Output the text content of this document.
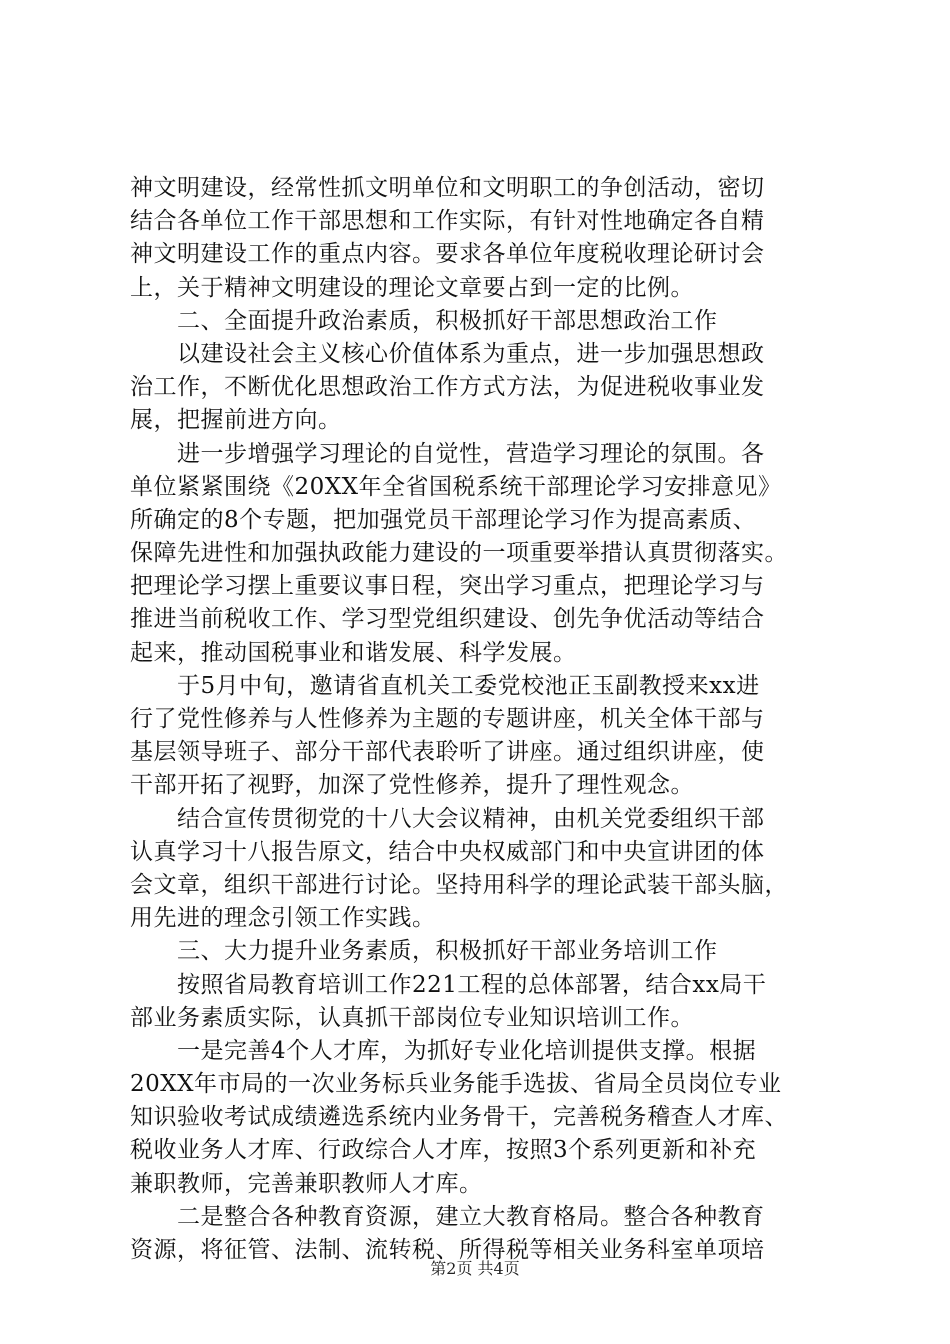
神文明建设，经常性抓文明单位和文明职工的争创活动，密切
结合各单位工作干部思想和工作实际，有针对性地确定各自精
神文明建设工作的重点内容。要求各单位年度税收理论研讨会
上，关于精神文明建设的理论文章要占到一定的比例。
　　二、全面提升政治素质，积极抓好干部思想政治工作
　　以建设社会主义核心价值体系为重点，进一步加强思想政
治工作，不断优化思想政治工作方式方法，为促进税收事业发
展，把握前进方向。
　　进一步增强学习理论的自觉性，营造学习理论的氛围。各
单位紧紧围绕《20XX年全省国税系统干部理论学习安排意见》
所确定的8个专题，把加强党员干部理论学习作为提高素质、
保障先进性和加强执政能力建设的一项重要举措认真贯彻落实。
把理论学习摆上重要议事日程，突出学习重点，把理论学习与
推进当前税收工作、学习型党组织建设、创先争优活动等结合
起来，推动国税事业和谐发展、科学发展。
　　于5月中旬，邀请省直机关工委党校池正玉副教授来xx进
行了党性修养与人性修养为主题的专题讲座，机关全体干部与
基层领导班子、部分干部代表聆听了讲座。通过组织讲座，使
干部开拓了视野，加深了党性修养，提升了理性观念。
　　结合宣传贯彻党的十八大会议精神，由机关党委组织干部
认真学习十八报告原文，结合中央权威部门和中央宣讲团的体
会文章，组织干部进行讨论。坚持用科学的理论武装干部头脑，
用先进的理念引领工作实践。
　　三、大力提升业务素质，积极抓好干部业务培训工作
　　按照省局教育培训工作221工程的总体部署，结合xx局干
部业务素质实际，认真抓干部岗位专业知识培训工作。
　　一是完善4个人才库，为抓好专业化培训提供支撑。根据
20XX年市局的一次业务标兵业务能手选拔、省局全员岗位专业
知识验收考试成绩遴选系统内业务骨干，完善税务稽查人才库、
税收业务人才库、行政综合人才库，按照3个系列更新和补充
兼职教师，完善兼职教师人才库。
　　二是整合各种教育资源，建立大教育格局。整合各种教育
资源，将征管、法制、流转税、所得税等相关业务科室单项培
第2页 共4页
